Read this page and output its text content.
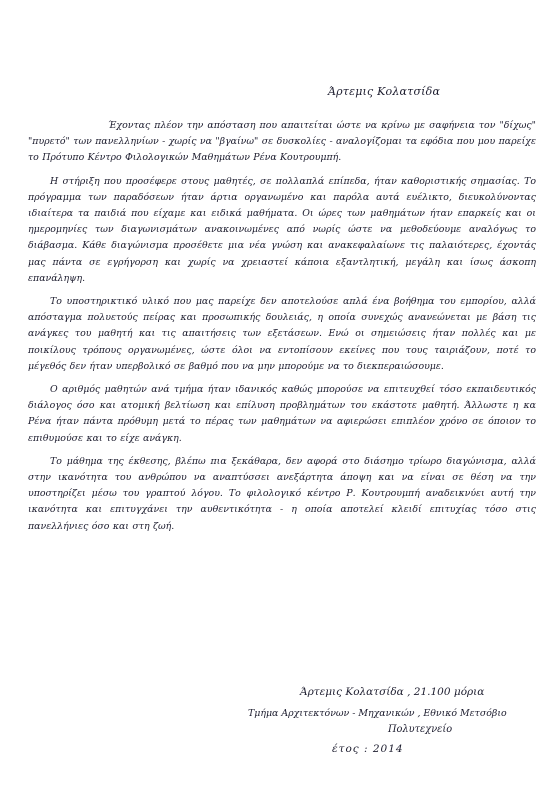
Άρτεμις Κολατσίδα

Έχοντας πλέον την απόσταση που απαιτείται ώστε να κρίνω με σαφήνεια τον "δίχως" "πυρετό" των πανελληνίων - χωρίς να "βγαίνω" σε δυσκολίες - αναλογίζομαι τα εφόδια που μου παρείχε το Πρότυπο Κέντρο Φιλολογικών Μαθημάτων Ρένα Κουτρουμπή.

Η στήριξη που προσέφερε στους μαθητές, σε πολλαπλά επίπεδα, ήταν καθοριστικής σημασίας. Το πρόγραμμα των παραδόσεων ήταν άρτια οργανωμένο και παρόλα αυτά ευέλικτο, διευκολύνοντας ιδιαίτερα τα παιδιά που είχαμε και ειδικά μαθήματα. Οι ώρες των μαθημάτων ήταν επαρκείς και οι ημερομηνίες των διαγωνισμάτων ανακοινωμένες από νωρίς ώστε να μεθοδεύουμε αναλόγως το διάβασμα. Κάθε διαγώνισμα προσέθετε μια νέα γνώση και ανακεφαλαίωνε τις παλαιότερες, έχοντάς μας πάντα σε εγρήγορση και χωρίς να χρειαστεί κάποια εξαντλητική, μεγάλη και ίσως άσκοπη επανάληψη.

Το υποστηρικτικό υλικό που μας παρείχε δεν αποτελούσε απλά ένα βοήθημα του εμπορίου, αλλά απόσταγμα πολυετούς πείρας και προσωπικής δουλειάς, η οποία συνεχώς ανανεώνεται με βάση τις ανάγκες του μαθητή και τις απαιτήσεις των εξετάσεων. Ενώ οι σημειώσεις ήταν πολλές και με ποικίλους τρόπους οργανωμένες, ώστε όλοι να εντοπίσουν εκείνες που τους ταιριάζουν, ποτέ το μέγεθός δεν ήταν υπερβολικό σε βαθμό που να μην μπορούμε να το διεκπεραιώσουμε.

Ο αριθμός μαθητών ανά τμήμα ήταν ιδανικός καθώς μπορούσε να επιτευχθεί τόσο εκπαιδευτικός διάλογος όσο και ατομική βελτίωση και επίλυση προβλημάτων του εκάστοτε μαθητή. Άλλωστε η κα Ρένα ήταν πάντα πρόθυμη μετά το πέρας των μαθημάτων να αφιερώσει επιπλέον χρόνο σε όποιον το επιθυμούσε και το είχε ανάγκη.

Το μάθημα της έκθεσης, βλέπω πια ξεκάθαρα, δεν αφορά στο διάσημο τρίωρο διαγώνισμα, αλλά στην ικανότητα του ανθρώπου να αναπτύσσει ανεξάρτητα άποψη και να είναι σε θέση να την υποστηρίζει μέσω του γραπτού λόγου. Το φιλολογικό κέντρο Ρ. Κουτρουμπή αναδεικνύει αυτή την ικανότητα και επιτυγχάνει την αυθεντικότητα - η οποία αποτελεί κλειδί επιτυχίας τόσο στις πανελλήνιες όσο και στη ζωή.

Άρτεμις Κολατσίδα , 21.100 μόρια
Τμήμα Αρχιτεκτόνων - Μηχανικών , Εθνικό Μετσόβιο
Πολυτεχνείο
έτος : 2014
